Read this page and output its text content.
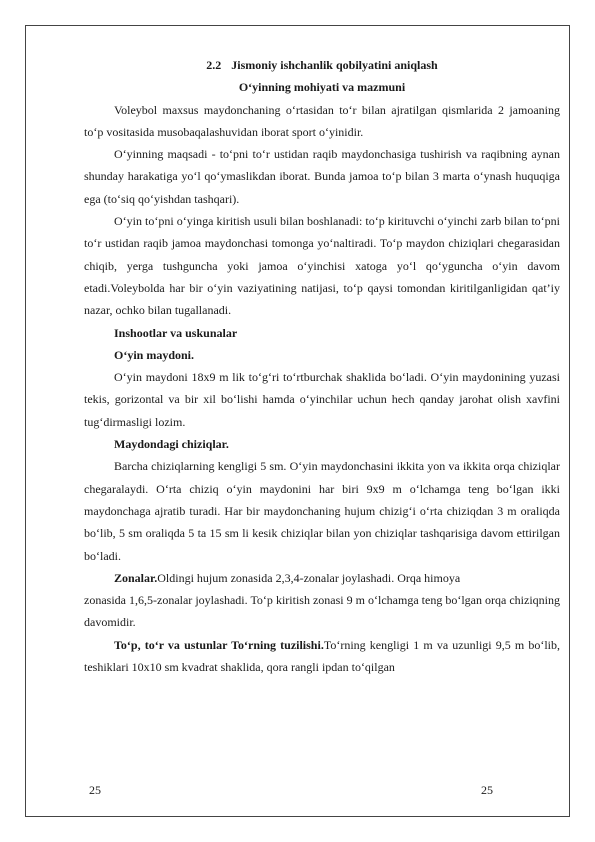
2.2 Jismoniy ishchanlik qobilyatini aniqlash
O‘yinning mohiyati va mazmuni

Voleybol maxsus maydonchaning o‘rtasidan to‘r bilan ajratilgan qismlarida 2 jamoaning to‘p vositasida musobaqalashuvidan iborat sport o‘yinidir.

O‘yinning maqsadi - to‘pni to‘r ustidan raqib maydonchasiga tushirish va raqibning aynan shunday harakatiga yo‘l qo‘ymaslikdan iborat. Bunda jamoa to‘p bilan 3 marta o‘ynash huquqiga ega (to‘siq qo‘yishdan tashqari).

O‘yin to‘pni o‘yinga kiritish usuli bilan boshlanadi: to‘p kirituvchi o‘yinchi zarb bilan to‘pni to‘r ustidan raqib jamoa maydonchasi tomonga yo‘naltiradi. To‘p maydon chiziqlari chegarasidan chiqib, yerga tushguncha yoki jamoa o‘yinchisi xatoga yo‘l qo‘yguncha o‘yin davom etadi.Voleybolda har bir o‘yin vaziyatining natijasi, to‘p qaysi tomondan kiritilganligidan qat’iy nazar, ochko bilan tugallanadi.

Inshootlar va uskunalar
O‘yin maydoni.

O‘yin maydoni 18x9 m lik to‘g‘ri to‘rtburchak shaklida bo‘ladi. O‘yin maydonining yuzasi tekis, gorizontal va bir xil bo‘lishi hamda o‘yinchilar uchun hech qanday jarohat olish xavfini tug‘dirmasligi lozim.

Maydondagi chiziqlar.

Barcha chiziqlarning kengligi 5 sm. O‘yin maydonchasini ikkita yon va ikkita orqa chiziqlar chegaralaydi. O‘rta chiziq o‘yin maydonini har biri 9x9 m o‘lchamga teng bo‘lgan ikki maydonchaga ajratib turadi. Har bir maydonchaning hujum chizig‘i o‘rta chiziqdan 3 m oraliqda bo‘lib, 5 sm oraliqda 5 ta 15 sm li kesik chiziqlar bilan yon chiziqlar tashqarisiga davom ettirilgan bo‘ladi.

Zonalar.Oldingi hujum zonasida 2,3,4-zonalar joylashadi. Orqa himoya

zonasida 1,6,5-zonalar joylashadi. To‘p kiritish zonasi 9 m o‘lchamga teng bo‘lgan orqa chiziqning davomidir.

To‘p, to‘r va ustunlar To‘rning tuzilishi.To‘rning kengligi 1 m va uzunligi 9,5 m bo‘lib, teshiklari 10x10 sm kvadrat shaklida, qora rangli ipdan to‘qilgan

25	25
